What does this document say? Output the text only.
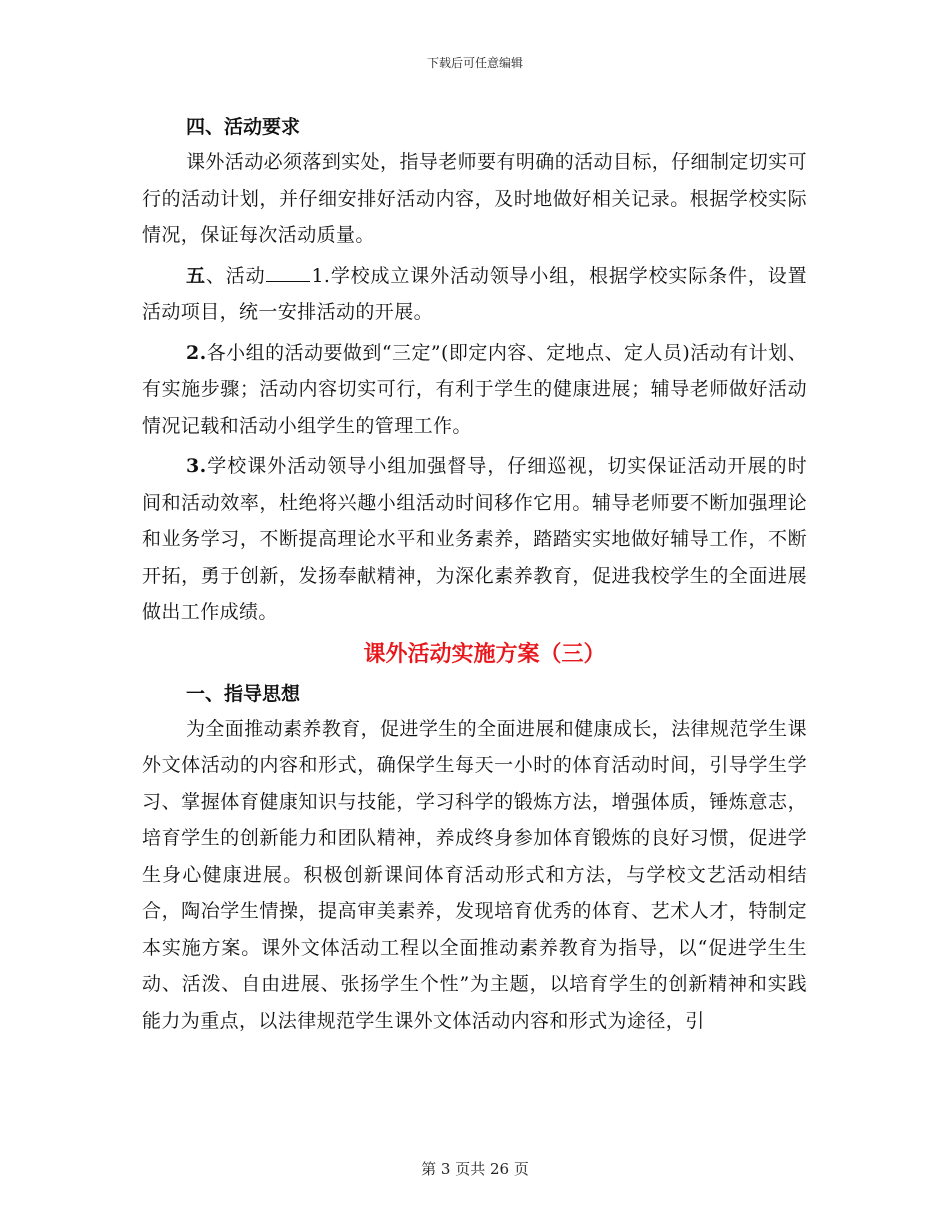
下载后可任意编辑

四、活动要求

课外活动必须落到实处，指导老师要有明确的活动目标，仔细制定切实可行的活动计划，并仔细安排好活动内容，及时地做好相关记录。根据学校实际情况，保证每次活动质量。

五、活动 1.学校成立课外活动领导小组，根据学校实际条件，设置活动项目，统一安排活动的开展。

2.各小组的活动要做到“三定”(即定内容、定地点、定人员)活动有计划、有实施步骤；活动内容切实可行，有利于学生的健康进展；辅导老师做好活动情况记载和活动小组学生的管理工作。

3.学校课外活动领导小组加强督导，仔细巡视，切实保证活动开展的时间和活动效率，杜绝将兴趣小组活动时间移作它用。辅导老师要不断加强理论和业务学习，不断提高理论水平和业务素养，踏踏实实地做好辅导工作，不断开拓，勇于创新，发扬奉献精神，为深化素养教育，促进我校学生的全面进展做出工作成绩。

课外活动实施方案（三）

一、指导思想

为全面推动素养教育，促进学生的全面进展和健康成长，法律规范学生课外文体活动的内容和形式，确保学生每天一小时的体育活动时间，引导学生学习、掌握体育健康知识与技能，学习科学的锻炼方法，增强体质，锤炼意志，培育学生的创新能力和团队精神，养成终身参加体育锻炼的良好习惯，促进学生身心健康进展。积极创新课间体育活动形式和方法，与学校文艺活动相结合，陶冶学生情操，提高审美素养，发现培育优秀的体育、艺术人才，特制定本实施方案。课外文体活动工程以全面推动素养教育为指导，以“促进学生生动、活泼、自由进展、张扬学生个性”为主题，以培育学生的创新精神和实践能力为重点，以法律规范学生课外文体活动内容和形式为途径，引

第 3 页共 26 页
